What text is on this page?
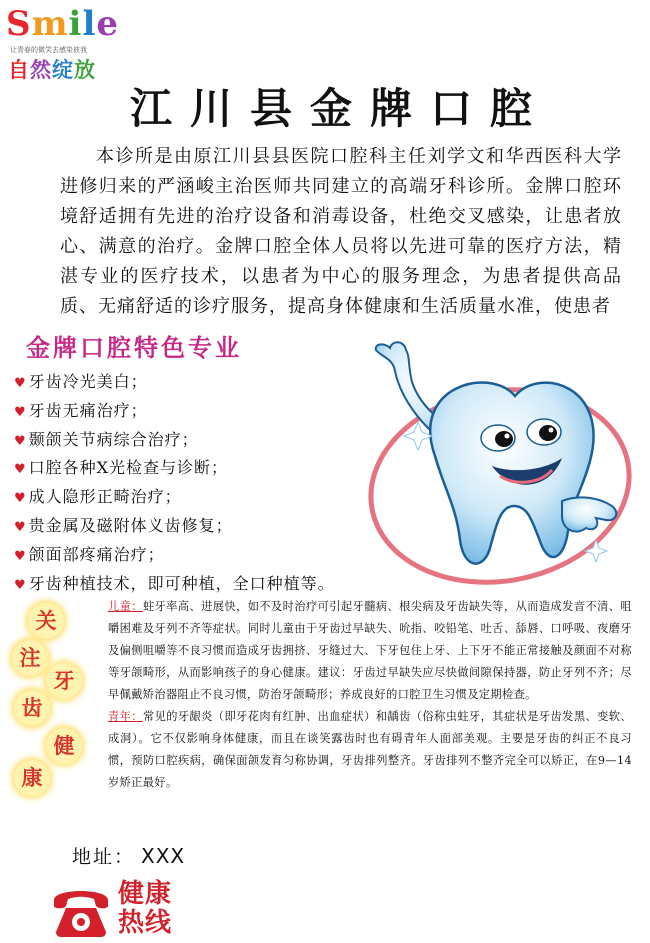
Smile
让青春的微笑去感染彼我
自然绽放
江川县金牌口腔
本诊所是由原江川县县医院口腔科主任刘学文和华西医科大学进修归来的严涵峻主治医师共同建立的高端牙科诊所。金牌口腔环境舒适拥有先进的治疗设备和消毒设备，杜绝交叉感染，让患者放心、满意的治疗。金牌口腔全体人员将以先进可靠的医疗方法，精湛专业的医疗技术，以患者为中心的服务理念，为患者提供高品质、无痛舒适的诊疗服务，提高身体健康和生活质量水准，使患者
金牌口腔特色专业
♥ 牙齿冷光美白；
♥ 牙齿无痛治疗；
♥ 颞颌关节病综合治疗；
♥ 口腔各种X光检查与诊断；
♥ 成人隐形正畸治疗；
♥ 贵金属及磁附体义齿修复；
♥ 颌面部疼痛治疗；
♥ 牙齿种植技术，即可种植，全口种植等。
关
注
牙
齿
健
康

儿童：蛀牙率高、进展快，如不及时治疗可引起牙髓病、根尖病及牙齿缺失等，从而造成发音不清、咀嚼困难及牙列不齐等症状。同时儿童由于牙齿过早缺失、吮指、咬铅笔、吐舌、舔唇、口呼吸、夜磨牙及偏侧咀嚼等不良习惯而造成牙齿拥挤、牙缝过大、下牙包住上牙、上下牙不能正常接触及颜面不对称等牙颌畸形，从而影响孩子的身心健康。建议：牙齿过早缺失应尽快做间隙保持器，防止牙列不齐；尽早佩戴矫治器阻止不良习惯，防治牙颌畸形；养成良好的口腔卫生习惯及定期检查。

青年：常见的牙龈炎（即牙花肉有红肿、出血症状）和龋齿（俗称虫蛀牙，其症状是牙齿发黑、变软、成洞）。它不仅影响身体健康，而且在谈笑露齿时也有碍青年人面部美观。主要是牙齿的纠正不良习惯，预防口腔疾病，确保面颌发育匀称协调，牙齿排列整齐。牙齿排列不整齐完全可以矫正，在9—14岁矫正最好。

地址： XXX
健康
热线
